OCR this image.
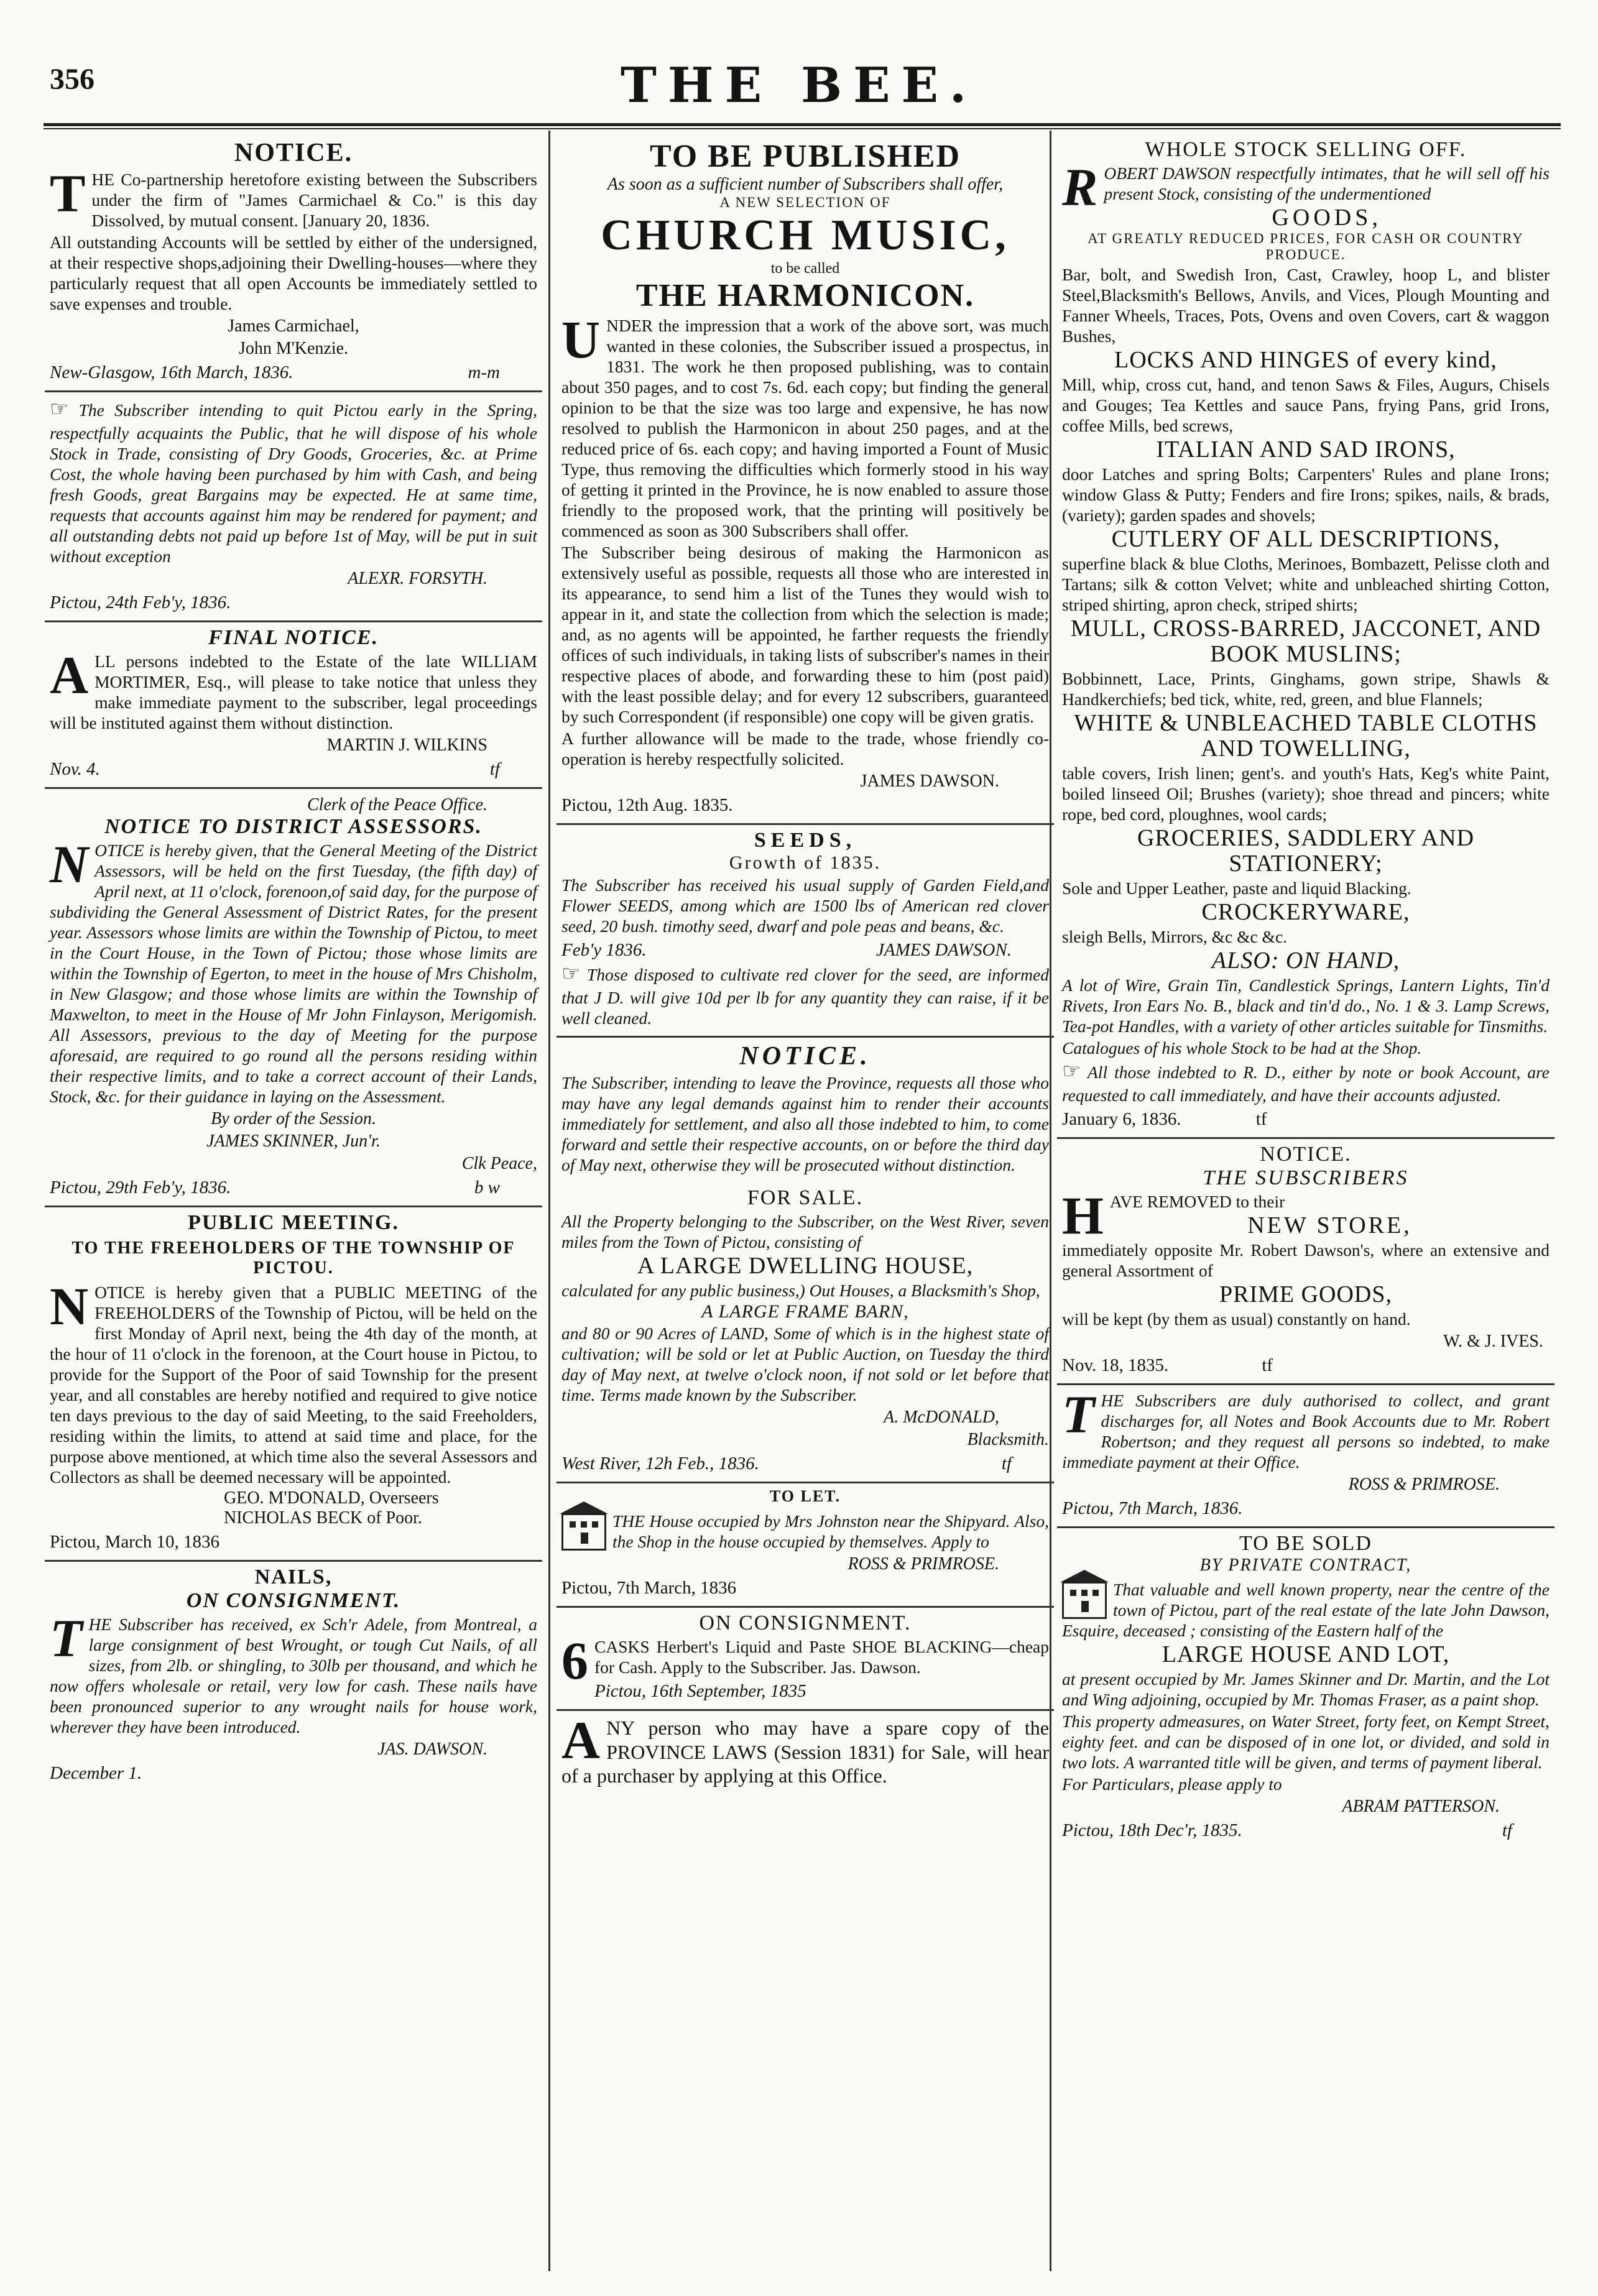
356	THE BEE.
NOTICE.

THE Co-partnership heretofore existing between the Subscribers under the firm of "James Carmichael & Co." is this day Dissolved, by mutual consent. [January 20, 1836.

All outstanding Accounts will be settled by either of the undersigned, at their respective shops,adjoining their Dwelling-houses—where they particularly request that all open Accounts be immediately settled to save expenses and trouble.

James Carmichael,
John M'Kenzie.
New-Glasgow, 16th March, 1836.	m-m

☞ The Subscriber intending to quit Pictou early in the Spring, respectfully acquaints the Public, that he will dispose of his whole Stock in Trade, consisting of Dry Goods, Groceries, &c. at Prime Cost, the whole having been purchased by him with Cash, and being fresh Goods, great Bargains may be expected. He at same time, requests that accounts against him may be rendered for payment; and all outstanding debts not paid up before 1st of May, will be put in suit without exception

ALEXR. FORSYTH.
Pictou, 24th Feb'y, 1836.
FINAL NOTICE.

ALL persons indebted to the Estate of the late WILLIAM MORTIMER, Esq., will please to take notice that unless they make immediate payment to the subscriber, legal proceedings will be instituted against them without distinction.

MARTIN J. WILKINS
Nov. 4.	tf
Clerk of the Peace Office.
NOTICE TO DISTRICT ASSESSORS.

NOTICE is hereby given, that the General Meeting of the District Assessors, will be held on the first Tuesday, (the fifth day) of April next, at 11 o'clock, forenoon,of said day, for the purpose of subdividing the General Assessment of District Rates, for the present year. Assessors whose limits are within the Township of Pictou, to meet in the Court House, in the Town of Pictou; those whose limits are within the Township of Egerton, to meet in the house of Mrs Chisholm, in New Glasgow; and those whose limits are within the Township of Maxwelton, to meet in the House of Mr John Finlayson, Merigomish. All Assessors, previous to the day of Meeting for the purpose aforesaid, are required to go round all the persons residing within their respective limits, and to take a correct account of their Lands, Stock, &c. for their guidance in laying on the Assessment.

By order of the Session.
JAMES SKINNER, Jun'r.
Clk Peace,
Pictou, 29th Feb'y, 1836.	b w
PUBLIC MEETING.
TO THE FREEHOLDERS OF THE TOWNSHIP OF PICTOU.

NOTICE is hereby given that a PUBLIC MEETING of the FREEHOLDERS of the Township of Pictou, will be held on the first Monday of April next, being the 4th day of the month, at the hour of 11 o'clock in the forenoon, at the Court house in Pictou, to provide for the Support of the Poor of said Township for the present year, and all constables are hereby notified and required to give notice ten days previous to the day of said Meeting, to the said Freeholders, residing within the limits, to attend at said time and place, for the purpose above mentioned, at which time also the several Assessors and Collectors as shall be deemed necessary will be appointed.

GEO. M'DONALD, Overseers
NICHOLAS BECK of Poor.
Pictou, March 10, 1836
NAILS,
ON CONSIGNMENT.

THE Subscriber has received, ex Sch'r Adele, from Montreal, a large consignment of best Wrought, or tough Cut Nails, of all sizes, from 2lb. or shingling, to 30lb per thousand, and which he now offers wholesale or retail, very low for cash. These nails have been pronounced superior to any wrought nails for house work, wherever they have been introduced.

JAS. DAWSON.
December 1.
TO BE PUBLISHED
As soon as a sufficient number of Subscribers shall offer,
A NEW SELECTION OF
CHURCH MUSIC,
to be called
THE HARMONICON.

UNDER the impression that a work of the above sort, was much wanted in these colonies, the Subscriber issued a prospectus, in 1831. The work he then proposed publishing, was to contain about 350 pages, and to cost 7s. 6d. each copy; but finding the general opinion to be that the size was too large and expensive, he has now resolved to publish the Harmonicon in about 250 pages, and at the reduced price of 6s. each copy; and having imported a Fount of Music Type, thus removing the difficulties which formerly stood in his way of getting it printed in the Province, he is now enabled to assure those friendly to the proposed work, that the printing will positively be commenced as soon as 300 Subscribers shall offer.

The Subscriber being desirous of making the Harmonicon as extensively useful as possible, requests all those who are interested in its appearance, to send him a list of the Tunes they would wish to appear in it, and state the collection from which the selection is made; and, as no agents will be appointed, he farther requests the friendly offices of such individuals, in taking lists of subscriber's names in their respective places of abode, and forwarding these to him (post paid) with the least possible delay; and for every 12 subscribers, guaranteed by such Correspondent (if responsible) one copy will be given gratis.

A further allowance will be made to the trade, whose friendly co-operation is hereby respectfully solicited.

JAMES DAWSON.
Pictou, 12th Aug. 1835.
SEEDS,
Growth of 1835.

The Subscriber has received his usual supply of Garden Field,and Flower SEEDS, among which are 1500 lbs of American red clover seed, 20 bush. timothy seed, dwarf and pole peas and beans, &c.

Feb'y 1836.	JAMES DAWSON.

☞ Those disposed to cultivate red clover for the seed, are informed that J D. will give 10d per lb for any quantity they can raise, if it be well cleaned.

NOTICE.

The Subscriber, intending to leave the Province, requests all those who may have any legal demands against him to render their accounts immediately for settlement, and also all those indebted to him, to come forward and settle their respective accounts, on or before the third day of May next, otherwise they will be prosecuted without distinction.

FOR SALE.

All the Property belonging to the Subscriber, on the West River, seven miles from the Town of Pictou, consisting of

A LARGE DWELLING HOUSE,

calculated for any public business,) Out Houses, a Blacksmith's Shop,

A LARGE FRAME BARN,

and 80 or 90 Acres of LAND, Some of which is in the highest state of cultivation; will be sold or let at Public Auction, on Tuesday the third day of May next, at twelve o'clock noon, if not sold or let before that time. Terms made known by the Subscriber.

A. McDONALD,
Blacksmith.
West River, 12h Feb., 1836.	tf
TO LET.

THE House occupied by Mrs Johnston near the Shipyard. Also, the Shop in the house occupied by themselves. Apply to

ROSS & PRIMROSE.
Pictou, 7th March, 1836
ON CONSIGNMENT.

6 CASKS Herbert's Liquid and Paste SHOE BLACKING—cheap for Cash. Apply to the Subscriber. Jas. Dawson.

Pictou, 16th September, 1835

ANY person who may have a spare copy of the PROVINCE LAWS (Session 1831) for Sale, will hear of a purchaser by applying at this Office.

WHOLE STOCK SELLING OFF.

ROBERT DAWSON respectfully intimates, that he will sell off his present Stock, consisting of the undermentioned

GOODS,
AT GREATLY REDUCED PRICES, FOR CASH OR COUNTRY PRODUCE.

Bar, bolt, and Swedish Iron, Cast, Crawley, hoop L, and blister Steel,Blacksmith's Bellows, Anvils, and Vices, Plough Mounting and Fanner Wheels, Traces, Pots, Ovens and oven Covers, cart & waggon Bushes,

LOCKS AND HINGES of every kind,

Mill, whip, cross cut, hand, and tenon Saws & Files, Augurs, Chisels and Gouges; Tea Kettles and sauce Pans, frying Pans, grid Irons, coffee Mills, bed screws,

ITALIAN AND SAD IRONS,

door Latches and spring Bolts; Carpenters' Rules and plane Irons; window Glass & Putty; Fenders and fire Irons; spikes, nails, & brads, (variety); garden spades and shovels;

CUTLERY OF ALL DESCRIPTIONS,

superfine black & blue Cloths, Merinoes, Bombazett, Pelisse cloth and Tartans; silk & cotton Velvet; white and unbleached shirting Cotton, striped shirting, apron check, striped shirts;

MULL, CROSS-BARRED, JACCONET, AND BOOK MUSLINS;

Bobbinnett, Lace, Prints, Ginghams, gown stripe, Shawls & Handkerchiefs; bed tick, white, red, green, and blue Flannels;

WHITE & UNBLEACHED TABLE CLOTHS AND TOWELLING,

table covers, Irish linen; gent's. and youth's Hats, Keg's white Paint, boiled linseed Oil; Brushes (variety); shoe thread and pincers; white rope, bed cord, ploughnes, wool cards;

GROCERIES, SADDLERY AND STATIONERY;

Sole and Upper Leather, paste and liquid Blacking.

CROCKERYWARE,

sleigh Bells, Mirrors, &c &c &c.

ALSO: ON HAND,

A lot of Wire, Grain Tin, Candlestick Springs, Lantern Lights, Tin'd Rivets, Iron Ears No. B., black and tin'd do., No. 1 & 3. Lamp Screws, Tea-pot Handles, with a variety of other articles suitable for Tinsmiths.

Catalogues of his whole Stock to be had at the Shop.

☞ All those indebted to R. D., either by note or book Account, are requested to call immediately, and have their accounts adjusted.

January 6, 1836.	tf
NOTICE.
THE SUBSCRIBERS

HAVE REMOVED to their

NEW STORE,

immediately opposite Mr. Robert Dawson's, where an extensive and general Assortment of

PRIME GOODS,

will be kept (by them as usual) constantly on hand.

W. & J. IVES.
Nov. 18, 1835.	tf

THE Subscribers are duly authorised to collect, and grant discharges for, all Notes and Book Accounts due to Mr. Robert Robertson; and they request all persons so indebted, to make immediate payment at their Office.

ROSS & PRIMROSE.
Pictou, 7th March, 1836.
TO BE SOLD
BY PRIVATE CONTRACT,

That valuable and well known property, near the centre of the town of Pictou, part of the real estate of the late John Dawson, Esquire, deceased ; consisting of the Eastern half of the

LARGE HOUSE AND LOT,

at present occupied by Mr. James Skinner and Dr. Martin, and the Lot and Wing adjoining, occupied by Mr. Thomas Fraser, as a paint shop.

This property admeasures, on Water Street, forty feet, on Kempt Street, eighty feet. and can be disposed of in one lot, or divided, and sold in two lots. A warranted title will be given, and terms of payment liberal.

For Particulars, please apply to

ABRAM PATTERSON.
Pictou, 18th Dec'r, 1835.	tf
